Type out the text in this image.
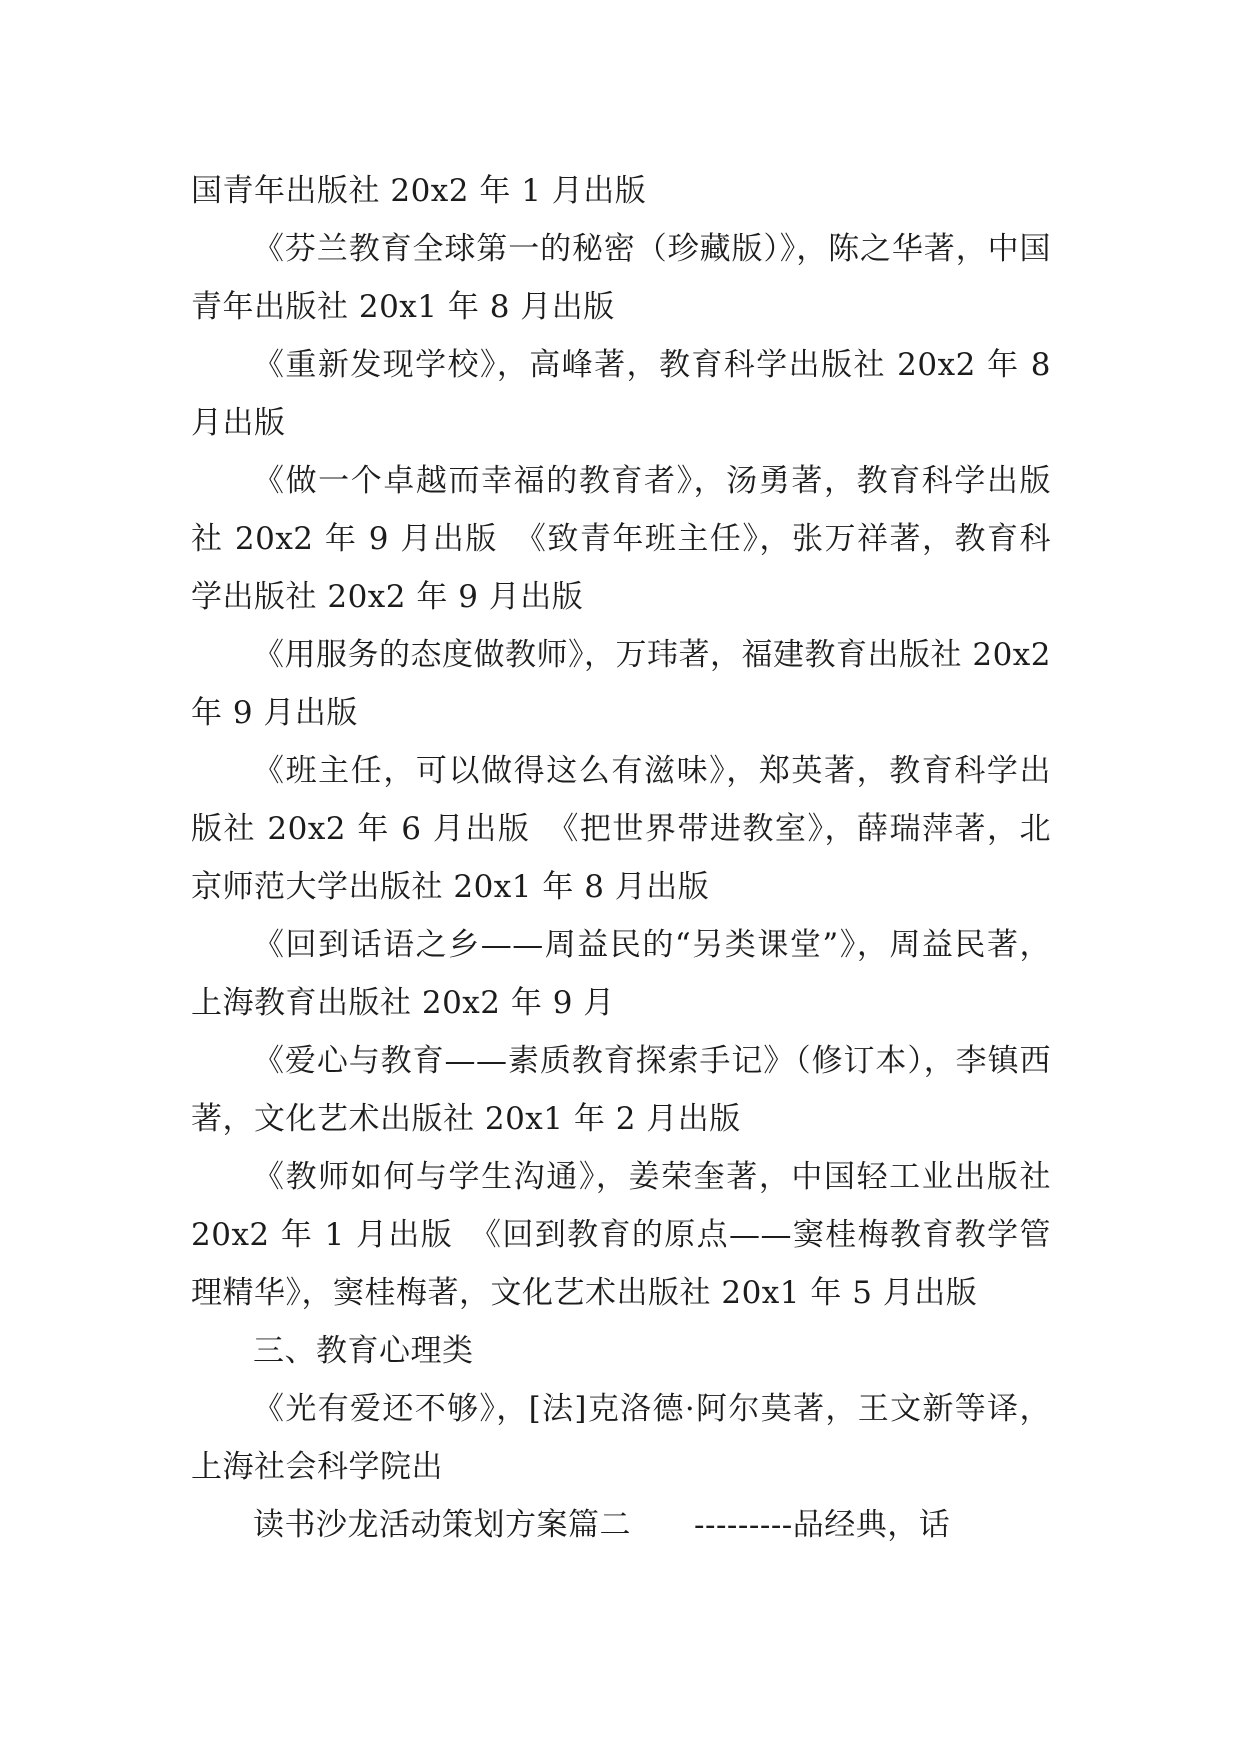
国青年出版社 20x2 年 1 月出版

《芬兰教育全球第一的秘密（珍藏版）》，陈之华著，中国青年出版社 20x1 年 8 月出版

《重新发现学校》，高峰著，教育科学出版社 20x2 年 8 月出版

《做一个卓越而幸福的教育者》，汤勇著，教育科学出版社 20x2 年 9 月出版　《致青年班主任》，张万祥著，教育科学出版社 20x2 年 9 月出版

《用服务的态度做教师》，万玮著，福建教育出版社 20x2 年 9 月出版

《班主任，可以做得这么有滋味》，郑英著，教育科学出版社 20x2 年 6 月出版　《把世界带进教室》，薛瑞萍著，北京师范大学出版社 20x1 年 8 月出版

《回到话语之乡——周益民的“另类课堂”》，周益民著，上海教育出版社 20x2 年 9 月

《爱心与教育——素质教育探索手记》（修订本），李镇西著，文化艺术出版社 20x1 年 2 月出版

《教师如何与学生沟通》，姜荣奎著，中国轻工业出版社 20x2 年 1 月出版　《回到教育的原点——窦桂梅教育教学管理精华》，窦桂梅著，文化艺术出版社 20x1 年 5 月出版

三、教育心理类

《光有爱还不够》，[法]克洛德·阿尔莫著，王文新等译，上海社会科学院出

读书沙龙活动策划方案篇二　　---------品经典，话
